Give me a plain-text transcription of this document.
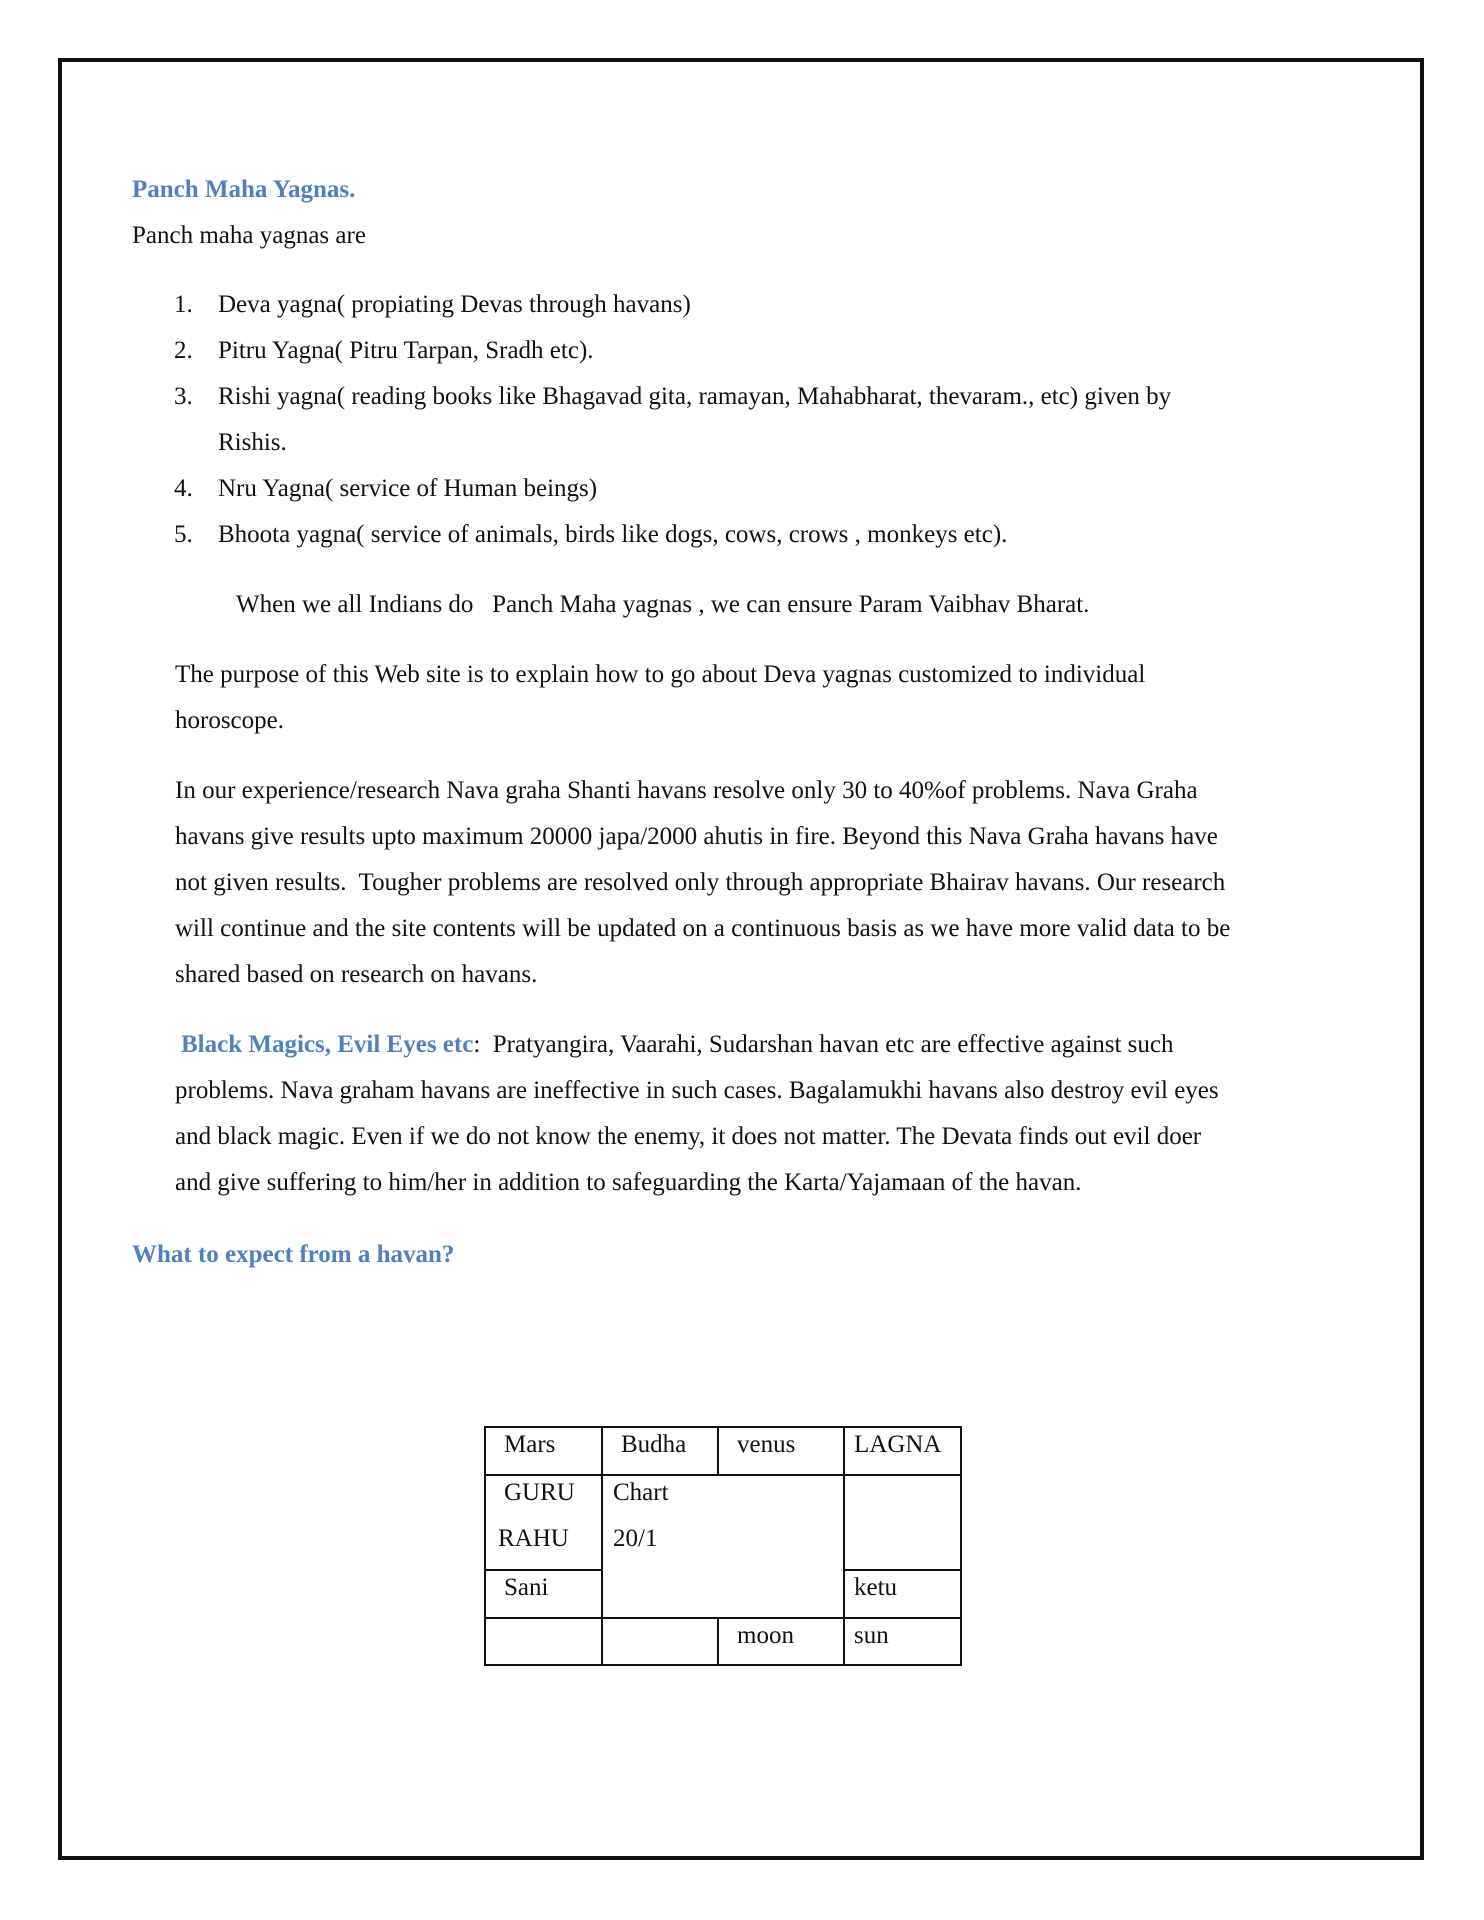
Panch Maha Yagnas.
Panch maha yagnas are
1. Deva yagna( propiating Devas through havans)
2. Pitru Yagna( Pitru Tarpan, Sradh etc).
3. Rishi yagna( reading books like Bhagavad gita, ramayan, Mahabharat, thevaram., etc) given by
Rishis.
4. Nru Yagna( service of Human beings)
5. Bhoota yagna( service of animals, birds like dogs, cows, crows , monkeys etc).
When we all Indians do   Panch Maha yagnas , we can ensure Param Vaibhav Bharat.
The purpose of this Web site is to explain how to go about Deva yagnas customized to individual
horoscope.
In our experience/research Nava graha Shanti havans resolve only 30 to 40%of problems. Nava Graha
havans give results upto maximum 20000 japa/2000 ahutis in fire. Beyond this Nava Graha havans have
not given results.  Tougher problems are resolved only through appropriate Bhairav havans. Our research
will continue and the site contents will be updated on a continuous basis as we have more valid data to be
shared based on research on havans.
Black Magics, Evil Eyes etc:  Pratyangira, Vaarahi, Sudarshan havan etc are effective against such
problems. Nava graham havans are ineffective in such cases. Bagalamukhi havans also destroy evil eyes
and black magic. Even if we do not know the enemy, it does not matter. The Devata finds out evil doer
and give suffering to him/her in addition to safeguarding the Karta/Yajamaan of the havan.
What to expect from a havan?
Mars	Budha venus LAGNA
GURU
RAHU
Chart
20/1
Sani	ketu
moon sun
